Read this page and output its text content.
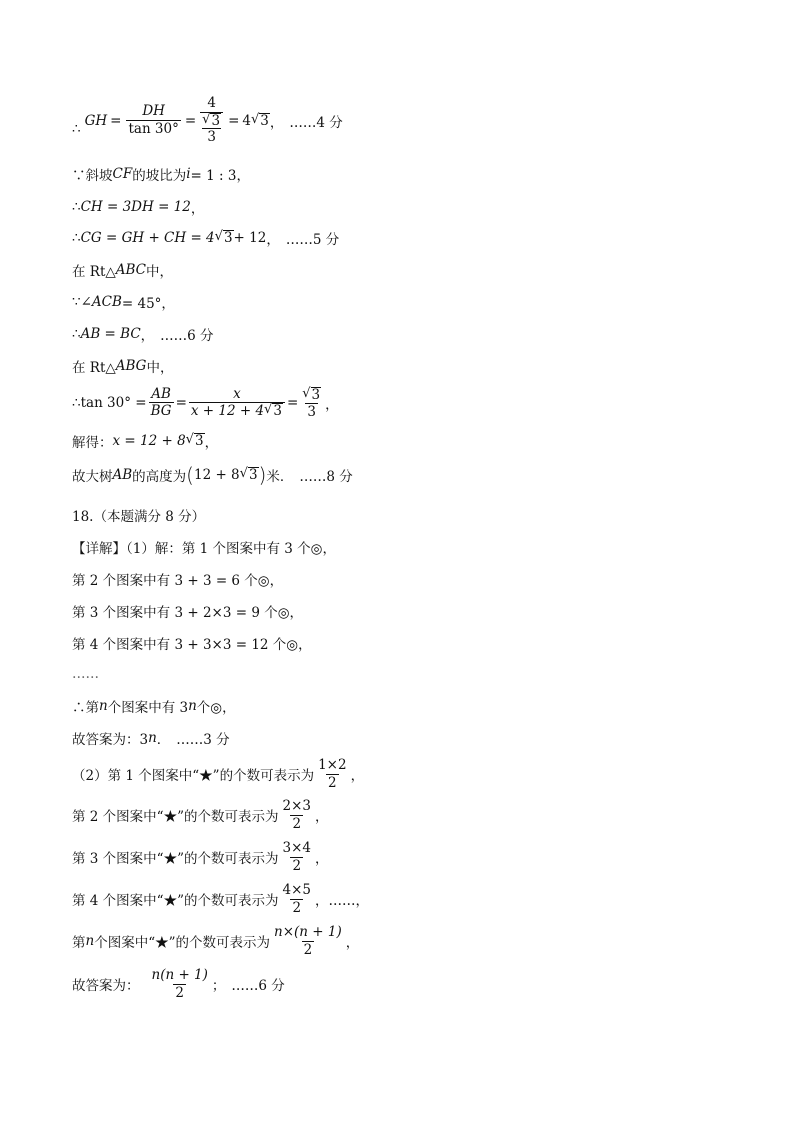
∴ GH = $\frac{DH}{\tan 30^\circ} = 4$
√ 3
3 = 4 √ 3 ， ……4 分
∵斜坡 CF 的坡比为 i = 1 : 3，
∴ CH = 3DH = 12 ，
∴ CG = GH + CH = 4 √ 3 + 12 ， ……5 分
在 Rt△ ABC 中，
∵∠ ACB = 45°，
∴ AB = BC ， ……6 分
在 Rt△ ABG 中，
∴tan $30^\circ = \frac{AB}{BG} = \frac{x}{x + 12 + 4 √ 3} = \frac{√ 3}{3}$ ，
解得： x = 12 + 8 √ 3 ，
故大树 AB 的高度为 ( 12 + 8 √ 3 ) 米． ……8 分
18.（本题满分 8 分）
【详解】（1）解：第 1 个图案中有 3 个◎，
第 2 个图案中有 3 + 3 = 6 个◎，
第 3 个图案中有 3 + 2×3 = 9 个◎，
第 4 个图案中有 3 + 3×3 = 12 个◎，
……
∴第 n 个图案中有 3 n 个◎，
故答案为：3 n ． ……3 分
（2）第 1 个图案中“★”的个数可表示为 $\frac{1\times 2}{2}$ ，
第 2 个图案中“★”的个数可表示为 $\frac{2\times 3}{2}$ ，
第 3 个图案中“★”的个数可表示为 $\frac{3\times 4}{2}$ ，
第 4 个图案中“★”的个数可表示为 $\frac{4\times 5}{2}$ ，……，
第 n 个图案中“★”的个数可表示为 $\frac{n\times(n + 1)}{2}$ ，
故答案为： $\frac{n(n + 1)}{2}$ ； ……6 分
